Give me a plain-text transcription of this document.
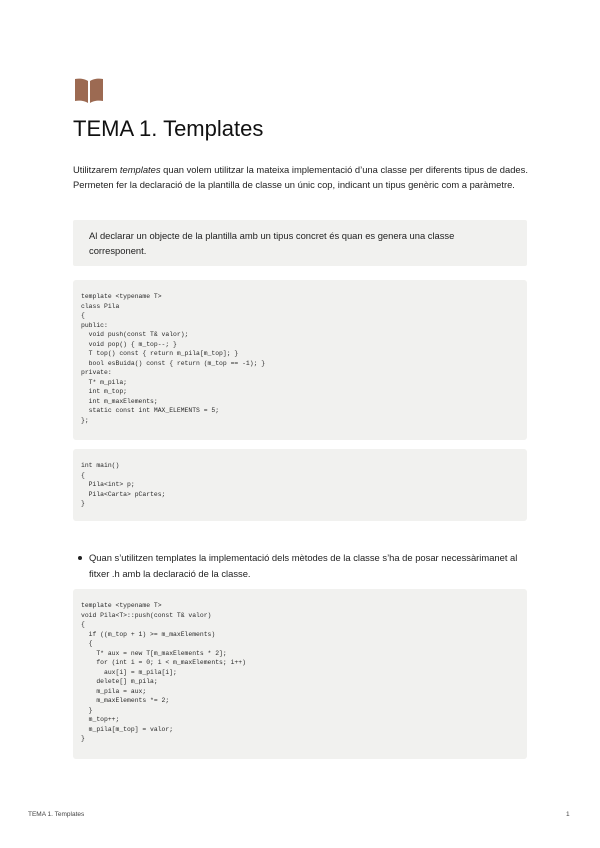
TEMA 1. Templates

Utilitzarem templates quan volem utilitzar la mateixa implementació d’una classe per diferents tipus de dades. Permeten fer la declaració de la plantilla de classe un únic cop, indicant un tipus genèric com a paràmetre.

Al declarar un objecte de la plantilla amb un tipus concret és quan es genera una classe corresponent.
template <typename T>
class Pila
{
public:
void push(const T& valor);
void pop() { m_top--; }
T top() const { return m_pila[m_top]; }
bool esBuida() const { return (m_top == -1); }
private:
T* m_pila;
int m_top;
int m_maxElements;
static const int MAX_ELEMENTS = 5;
};
int main()
{
Pila<int> p;
Pila<Carta> pCartes;
}
Quan s’utilitzen templates la implementació dels mètodes de la classe s’ha de posar necessàrimanet al fitxer .h amb la declaració de la classe.
template <typename T>
void Pila<T>::push(const T& valor)
{
if ((m_top + 1) >= m_maxElements)
{
T* aux = new T[m_maxElements * 2];
for (int i = 0; i < m_maxElements; i++)
aux[i] = m_pila[i];
delete[] m_pila;
m_pila = aux;
m_maxElements *= 2;
}
m_top++;
m_pila[m_top] = valor;
}
TEMA 1. Templates	1
